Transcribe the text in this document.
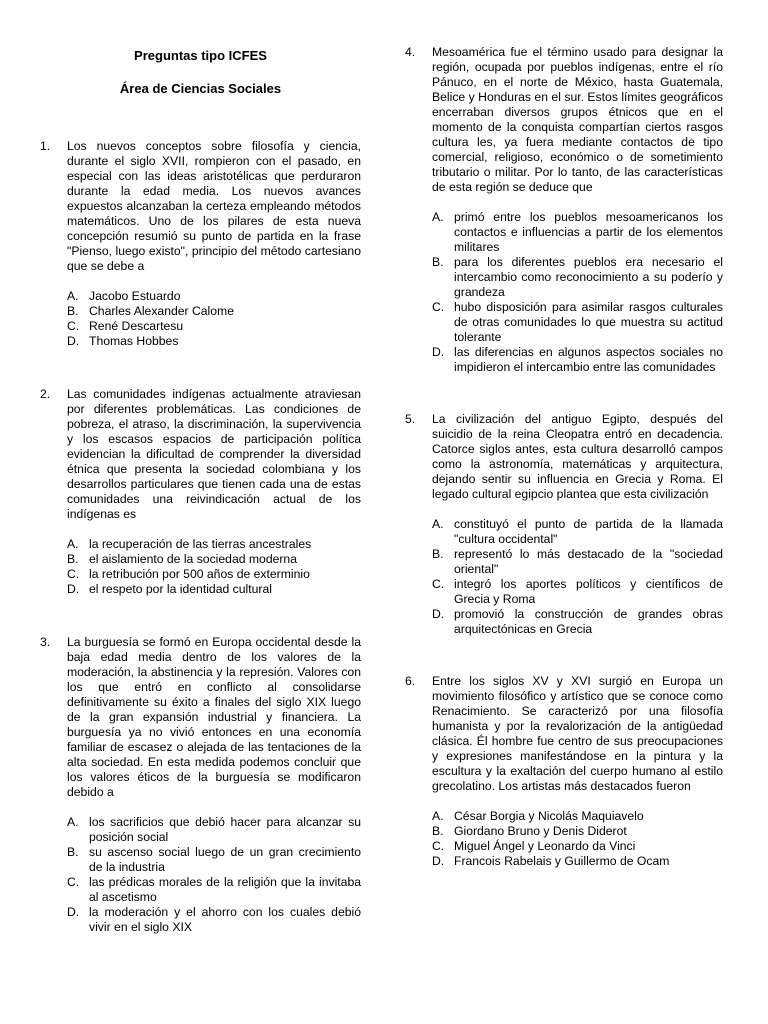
Preguntas tipo ICFES
Área de Ciencias Sociales
1. Los nuevos conceptos sobre filosofía y ciencia, durante el siglo XVII, rompieron con el pasado, en especial con las ideas aristotélicas que perduraron durante la edad media. Los nuevos avances expuestos alcanzaban la certeza empleando métodos matemáticos. Uno de los pilares de esta nueva concepción resumió su punto de partida en la frase "Pienso, luego existo", principio del método cartesiano que se debe a

A. Jacobo Estuardo
B. Charles Alexander Calome
C. René Descartesu
D. Thomas Hobbes
2. Las comunidades indígenas actualmente atraviesan por diferentes problemáticas. Las condiciones de pobreza, el atraso, la discriminación, la supervivencia y los escasos espacios de participación política evidencian la dificultad de comprender la diversidad étnica que presenta la sociedad colombiana y los desarrollos particulares que tienen cada una de estas comunidades una reivindicación actual de los indígenas es

A. la recuperación de las tierras ancestrales
B. el aislamiento de la sociedad moderna
C. la retribución por 500 años de exterminio
D. el respeto por la identidad cultural
3. La burguesía se formó en Europa occidental desde la baja edad media dentro de los valores de la moderación, la abstinencia y la represión. Valores con los que entró en conflicto al consolidarse definitivamente su éxito a finales del siglo XIX luego de la gran expansión industrial y financiera. La burguesía ya no vivió entonces en una economía familiar de escasez o alejada de las tentaciones de la alta sociedad. En esta medida podemos concluir que los valores éticos de la burguesía se modificaron debido a

A. los sacrificios que debió hacer para alcanzar su posición social
B. su ascenso social luego de un gran crecimiento de la industria
C. las prédicas morales de la religión que la invitaba al ascetismo
D. la moderación y el ahorro con los cuales debió vivir en el siglo XIX
4. Mesoamérica fue el término usado para designar la región, ocupada por pueblos indígenas, entre el río Pánuco, en el norte de México, hasta Guatemala, Belice y Honduras en el sur. Estos límites geográficos encerraban diversos grupos étnicos que en el momento de la conquista compartían ciertos rasgos cultura les, ya fuera mediante contactos de tipo comercial, religioso, económico o de sometimiento tributario o militar. Por lo tanto, de las características de esta región se deduce que

A. primó entre los pueblos mesoamericanos los contactos e influencias a partir de los elementos militares
B. para los diferentes pueblos era necesario el intercambio como reconocimiento a su poderío y grandeza
C. hubo disposición para asimilar rasgos culturales de otras comunidades lo que muestra su actitud tolerante
D. las diferencias en algunos aspectos sociales no impidieron el intercambio entre las comunidades
5. La civilización del antiguo Egipto, después del suicidio de la reina Cleopatra entró en decadencia. Catorce siglos antes, esta cultura desarrolló campos como la astronomía, matemáticas y arquitectura, dejando sentir su influencia en Grecia y Roma. El legado cultural egipcio plantea que esta civilización

A. constituyó el punto de partida de la llamada "cultura occidental"
B. representó lo más destacado de la "sociedad oriental"
C. integró los aportes políticos y científicos de Grecia y Roma
D. promovió la construcción de grandes obras arquitectónicas en Grecia
6. Entre los siglos XV y XVI surgió en Europa un movimiento filosófico y artístico que se conoce como Renacimiento. Se caracterizó por una filosofía humanista y por la revalorización de la antigüedad clásica. Él hombre fue centro de sus preocupaciones y expresiones manifestándose en la pintura y la escultura y la exaltación del cuerpo humano al estilo grecolatino. Los artistas más destacados fueron

A. César Borgia y Nicolás Maquiavelo
B. Giordano Bruno y Denis Diderot
C. Miguel Ángel y Leonardo da Vinci
D. Francois Rabelais y Guillermo de Ocam
